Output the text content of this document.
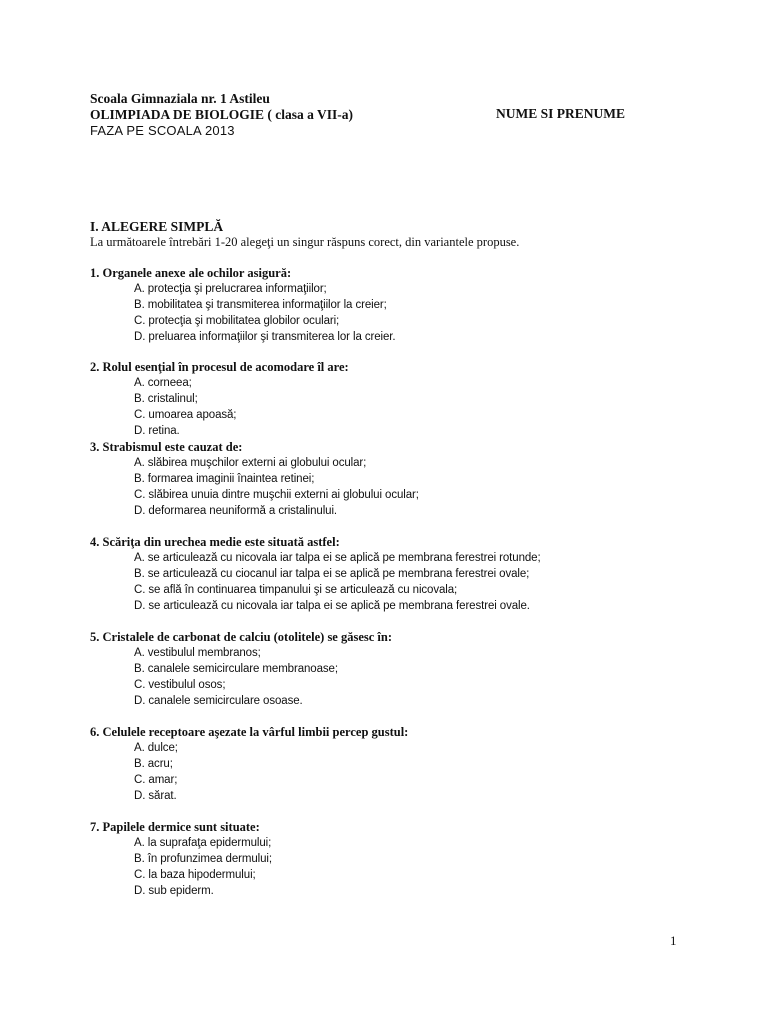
Scoala Gimnaziala nr. 1 Astileu
OLIMPIADA DE BIOLOGIE ( clasa a VII-a)	NUME SI PRENUME
FAZA PE SCOALA 2013
I. ALEGERE SIMPLĂ
La următoarele întrebări 1-20 alegeţi un singur răspuns corect, din variantele propuse.
1. Organele anexe ale ochilor asigură:
A. protecţia şi prelucrarea informaţiilor;
B. mobilitatea şi transmiterea informaţiilor la creier;
C. protecţia şi mobilitatea globilor oculari;
D. preluarea informaţiilor şi transmiterea lor la creier.
2. Rolul esenţial în procesul de acomodare îl are:
A. corneea;
B. cristalinul;
C. umoarea apoasă;
D. retina.
3. Strabismul este cauzat de:
A. slăbirea muşchilor externi ai globului ocular;
B. formarea imaginii înaintea retinei;
C. slăbirea unuia dintre muşchii externi ai globului ocular;
D. deformarea neuniformă a cristalinului.
4. Scăriţa din urechea medie este situată astfel:
A. se articulează cu nicovala iar talpa ei se aplică pe membrana ferestrei rotunde;
B. se articulează cu ciocanul iar talpa ei se aplică pe membrana ferestrei ovale;
C. se află în continuarea timpanului şi se articulează cu nicovala;
D. se articulează cu nicovala iar talpa ei se aplică pe membrana ferestrei ovale.
5. Cristalele de carbonat de calciu (otolitele) se găsesc în:
A. vestibulul membranos;
B. canalele semicirculare membranoase;
C. vestibulul osos;
D. canalele semicirculare osoase.
6. Celulele receptoare aşezate la vârful limbii percep gustul:
A. dulce;
B. acru;
C. amar;
D. sărat.
7. Papilele dermice sunt situate:
A. la suprafaţa epidermului;
B. în profunzimea dermului;
C. la baza hipodermului;
D. sub epiderm.
1
